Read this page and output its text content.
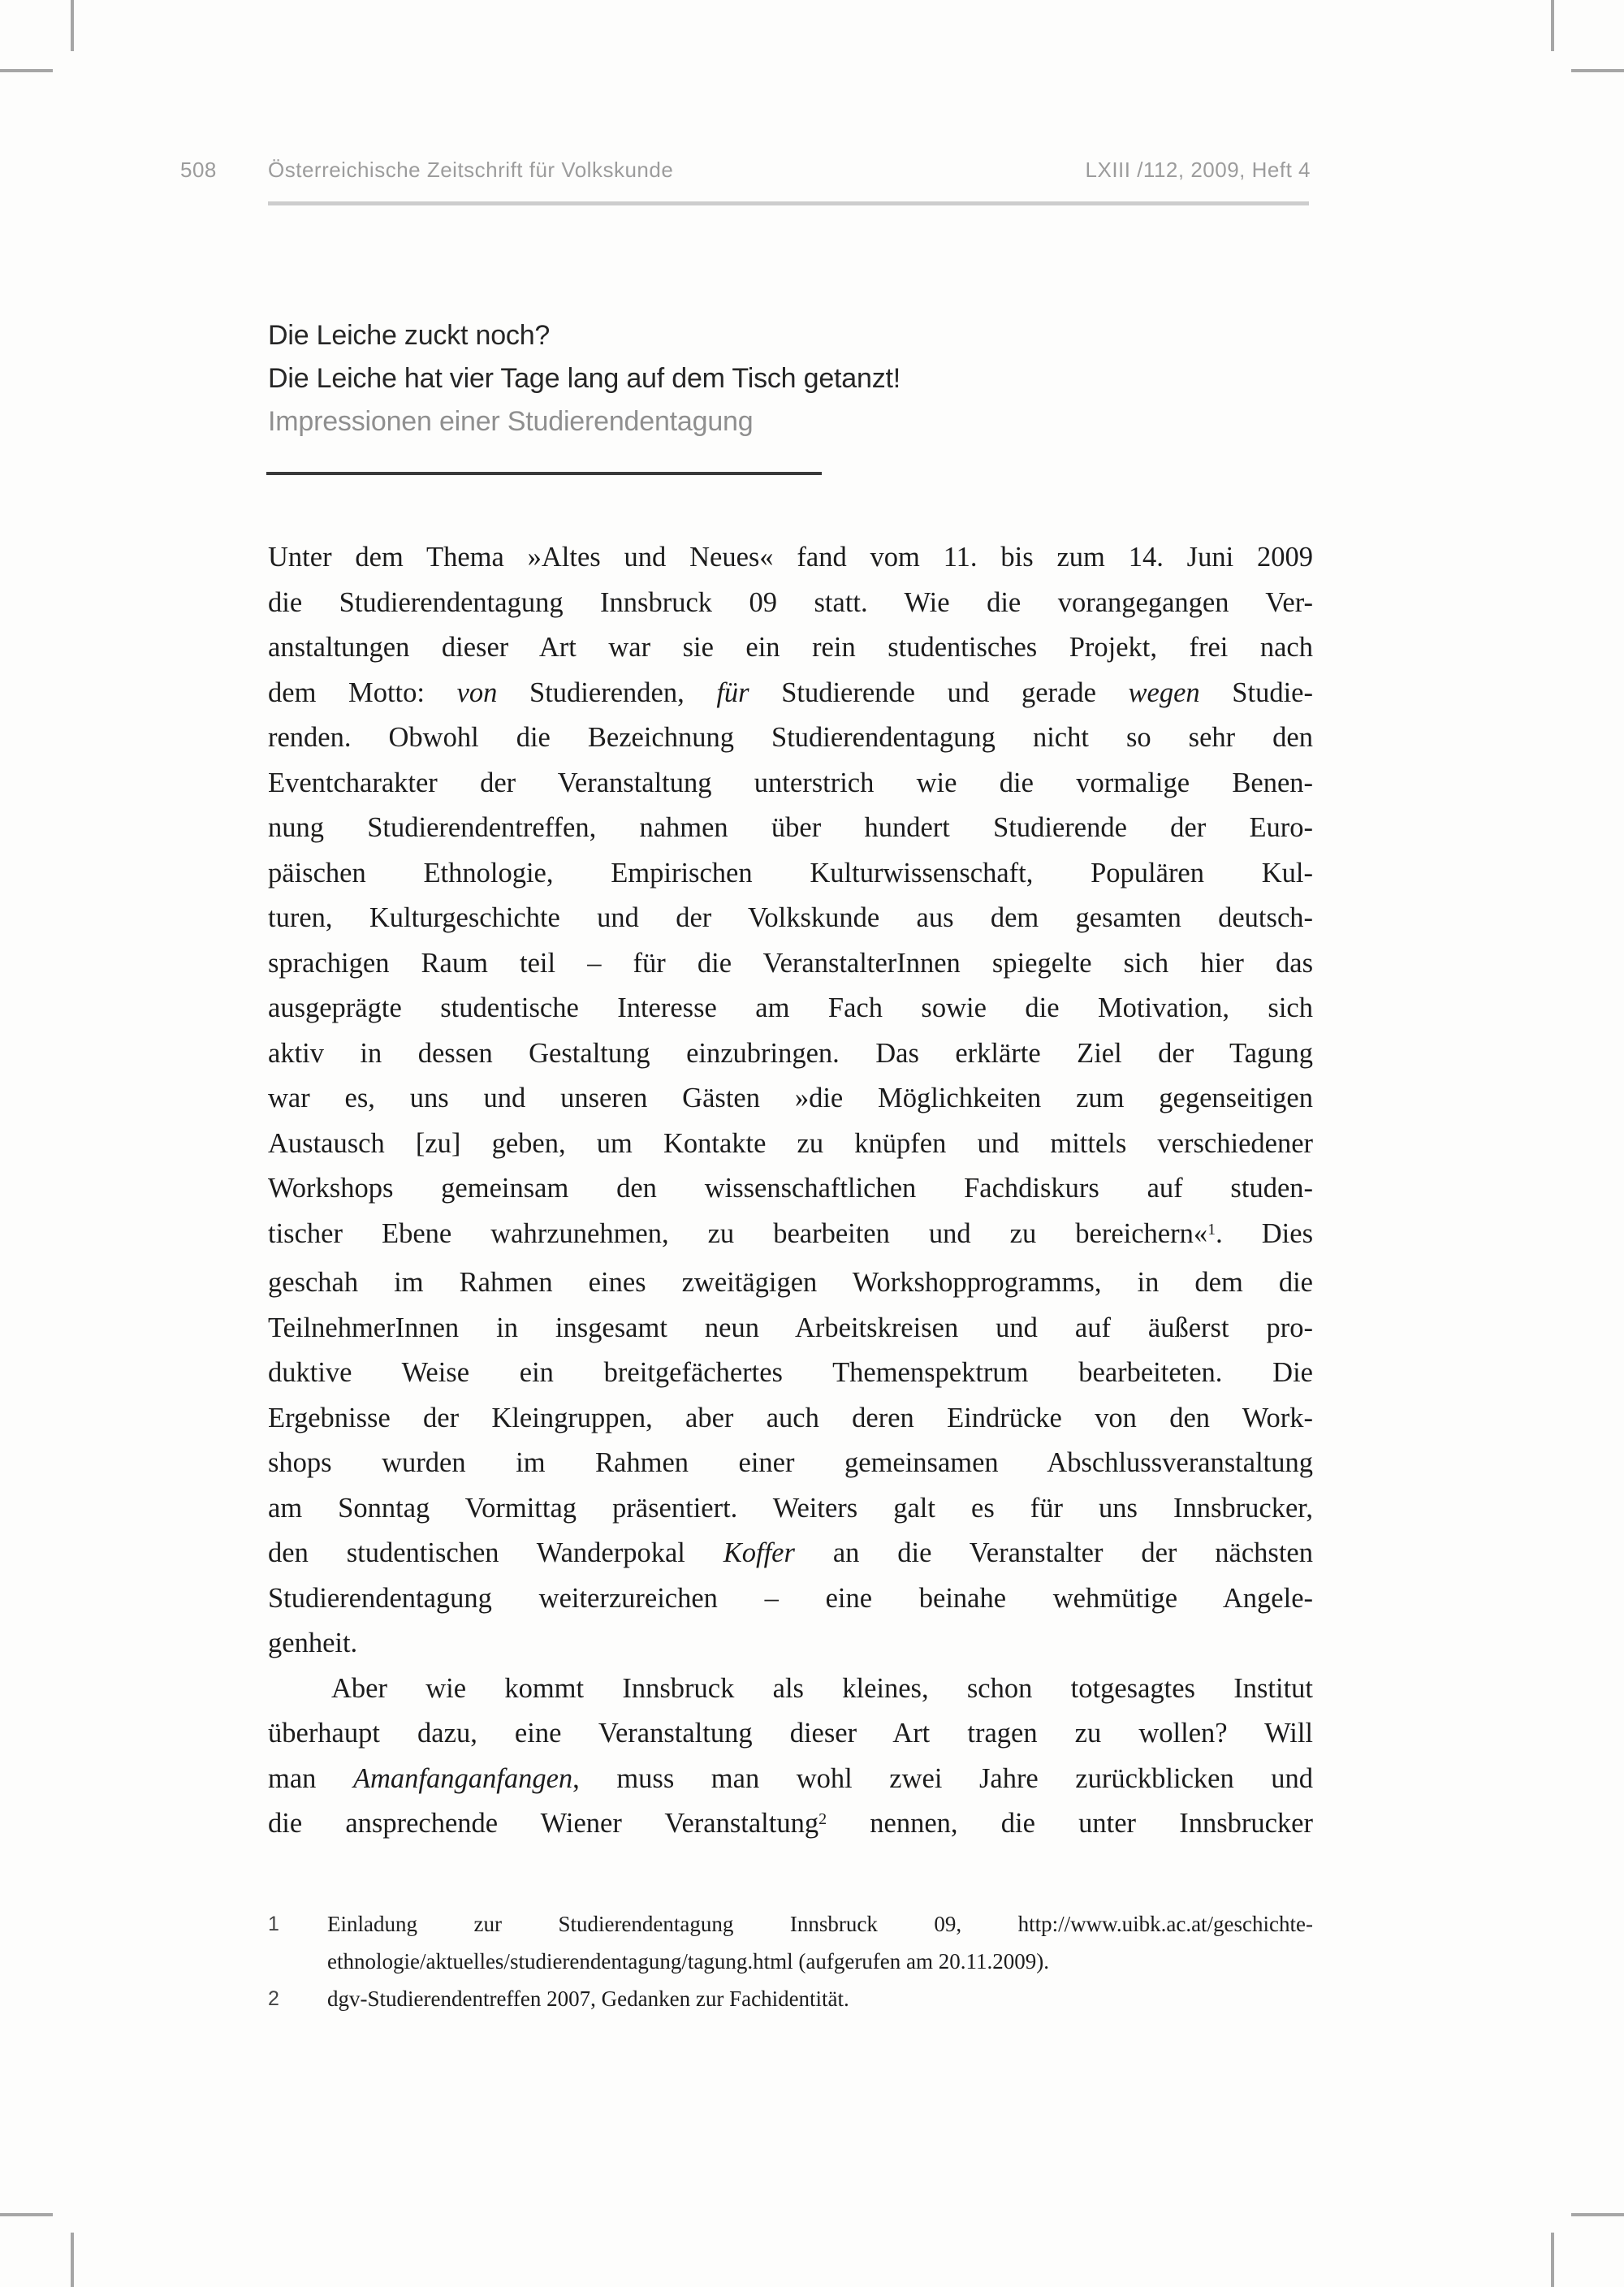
508 Österreichische Zeitschrift für Volkskunde	LXIII /112, 2009, Heft 4
Die Leiche zuckt noch?
Die Leiche hat vier Tage lang auf dem Tisch getanzt!
Impressionen einer Studierendentagung
Unter dem Thema »Altes und Neues« fand vom 11. bis zum 14. Juni 2009
die Studierendentagung Innsbruck 09 statt. Wie die vorangegangen Ver-
anstaltungen dieser Art war sie ein rein studentisches Projekt, frei nach
dem Motto: von Studierenden, für Studierende und gerade wegen Studie-
renden. Obwohl die Bezeichnung Studierendentagung nicht so sehr den
Eventcharakter der Veranstaltung unterstrich wie die vormalige Benen-
nung Studierendentreffen, nahmen über hundert Studierende der Euro-
päischen Ethnologie, Empirischen Kulturwissenschaft, Populären Kul-
turen, Kulturgeschichte und der Volkskunde aus dem gesamten deutsch-
sprachigen Raum teil – für die VeranstalterInnen spiegelte sich hier das
ausgeprägte studentische Interesse am Fach sowie die Motivation, sich
aktiv in dessen Gestaltung einzubringen. Das erklärte Ziel der Tagung
war es, uns und unseren Gästen »die Möglichkeiten zum gegenseitigen
Austausch [zu] geben, um Kontakte zu knüpfen und mittels verschiedener
Workshops gemeinsam den wissenschaftlichen Fachdiskurs auf studen-
tischer Ebene wahrzunehmen, zu bearbeiten und zu bereichern«$^1$. Dies
geschah im Rahmen eines zweitägigen Workshopprogramms, in dem die
TeilnehmerInnen in insgesamt neun Arbeitskreisen und auf äußerst pro-
duktive Weise ein breitgefächertes Themenspektrum bearbeiteten. Die
Ergebnisse der Kleingruppen, aber auch deren Eindrücke von den Work-
shops wurden im Rahmen einer gemeinsamen Abschlussveranstaltung
am Sonntag Vormittag präsentiert. Weiters galt es für uns Innsbrucker,
den studentischen Wanderpokal Koffer an die Veranstalter der nächsten
Studierendentagung weiterzureichen – eine beinahe wehmütige Angele-
genheit.
Aber wie kommt Innsbruck als kleines, schon totgesagtes Institut
überhaupt dazu, eine Veranstaltung dieser Art tragen zu wollen? Will
man Amanfanganfangen, muss man wohl zwei Jahre zurückblicken und
die ansprechende Wiener Veranstaltung$^2$ nennen, die unter Innsbrucker
1	Einladung zur Studierendentagung Innsbruck 09, http://www.uibk.ac.at/geschichte-
ethnologie/aktuelles/studierendentagung/tagung.html (aufgerufen am 20.11.2009).
2	dgv-Studierendentreffen 2007, Gedanken zur Fachidentität.
